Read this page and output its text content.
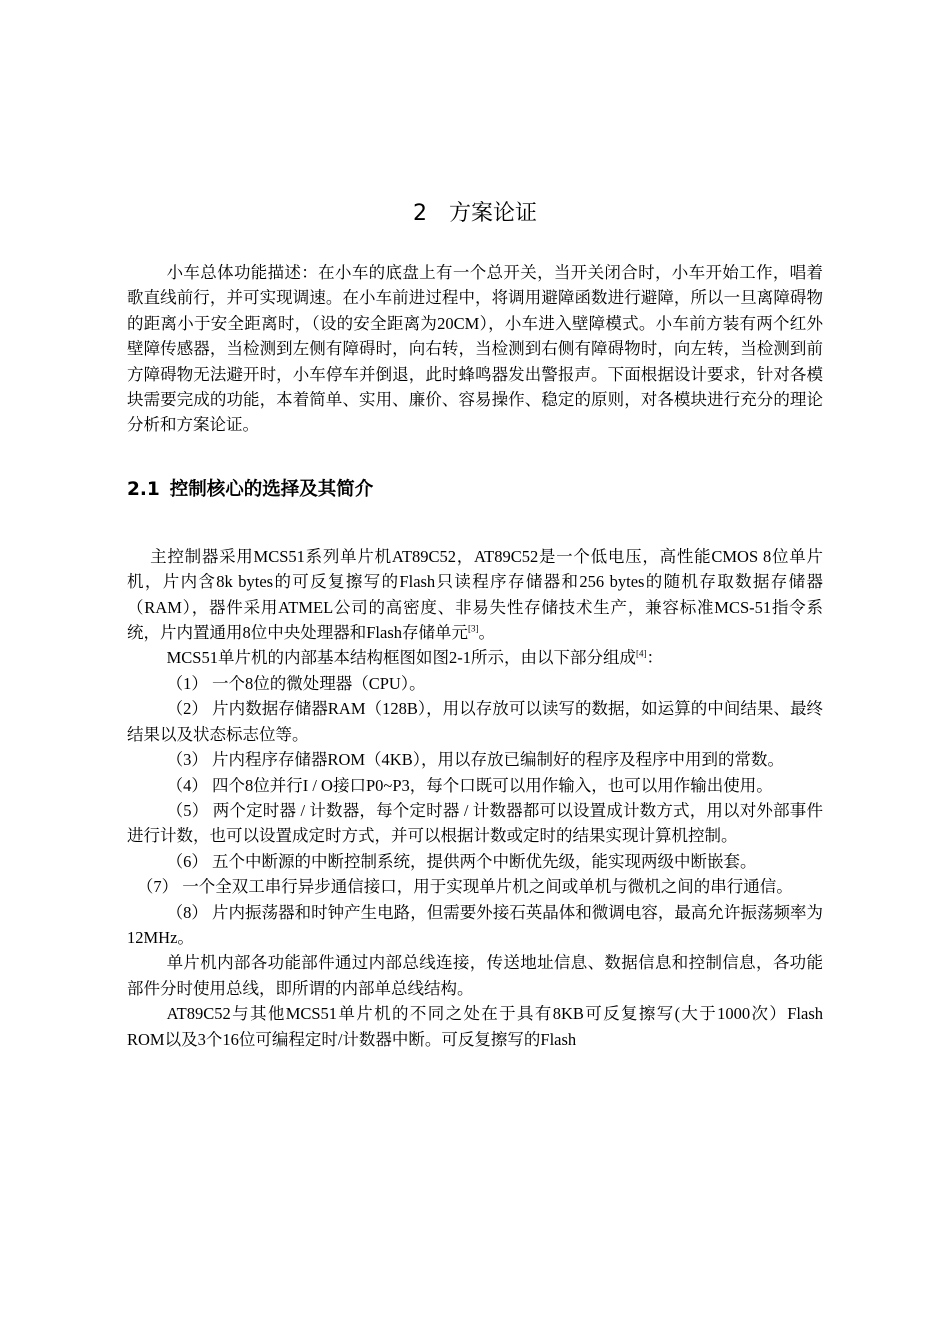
2 方案论证

小车总体功能描述：在小车的底盘上有一个总开关，当开关闭合时，小车开始工作，唱着歌直线前行，并可实现调速。在小车前进过程中，将调用避障函数进行避障，所以一旦离障碍物的距离小于安全距离时，（设的安全距离为20CM），小车进入壁障模式。小车前方装有两个红外壁障传感器，当检测到左侧有障碍时，向右转，当检测到右侧有障碍物时，向左转，当检测到前方障碍物无法避开时，小车停车并倒退，此时蜂鸣器发出警报声。下面根据设计要求，针对各模块需要完成的功能，本着简单、实用、廉价、容易操作、稳定的原则，对各模块进行充分的理论分析和方案论证。

2.1 控制核心的选择及其简介

主控制器采用MCS51系列单片机AT89C52，AT89C52是一个低电压，高性能CMOS 8位单片机，片内含8k bytes的可反复擦写的Flash只读程序存储器和256 bytes的随机存取数据存储器（RAM），器件采用ATMEL公司的高密度、非易失性存储技术生产，兼容标准MCS-51指令系统，片内置通用8位中央处理器和Flash存储单元[3]。

MCS51单片机的内部基本结构框图如图2-1所示，由以下部分组成[4]：

（1） 一个8位的微处理器（CPU）。

（2） 片内数据存储器RAM（128B），用以存放可以读写的数据，如运算的中间结果、最终结果以及状态标志位等。

（3） 片内程序存储器ROM（4KB），用以存放已编制好的程序及程序中用到的常数。

（4） 四个8位并行I / O接口P0~P3，每个口既可以用作输入，也可以用作输出使用。

（5） 两个定时器 / 计数器，每个定时器 / 计数器都可以设置成计数方式，用以对外部事件进行计数，也可以设置成定时方式，并可以根据计数或定时的结果实现计算机控制。

（6） 五个中断源的中断控制系统，提供两个中断优先级，能实现两级中断嵌套。

（7） 一个全双工串行异步通信接口，用于实现单片机之间或单机与微机之间的串行通信。

（8） 片内振荡器和时钟产生电路，但需要外接石英晶体和微调电容，最高允许振荡频率为12MHz。

单片机内部各功能部件通过内部总线连接，传送地址信息、数据信息和控制信息，各功能部件分时使用总线，即所谓的内部单总线结构。

AT89C52与其他MCS51单片机的不同之处在于具有8KB可反复擦写(大于1000次）Flash ROM以及3个16位可编程定时/计数器中断。可反复擦写的Flash
